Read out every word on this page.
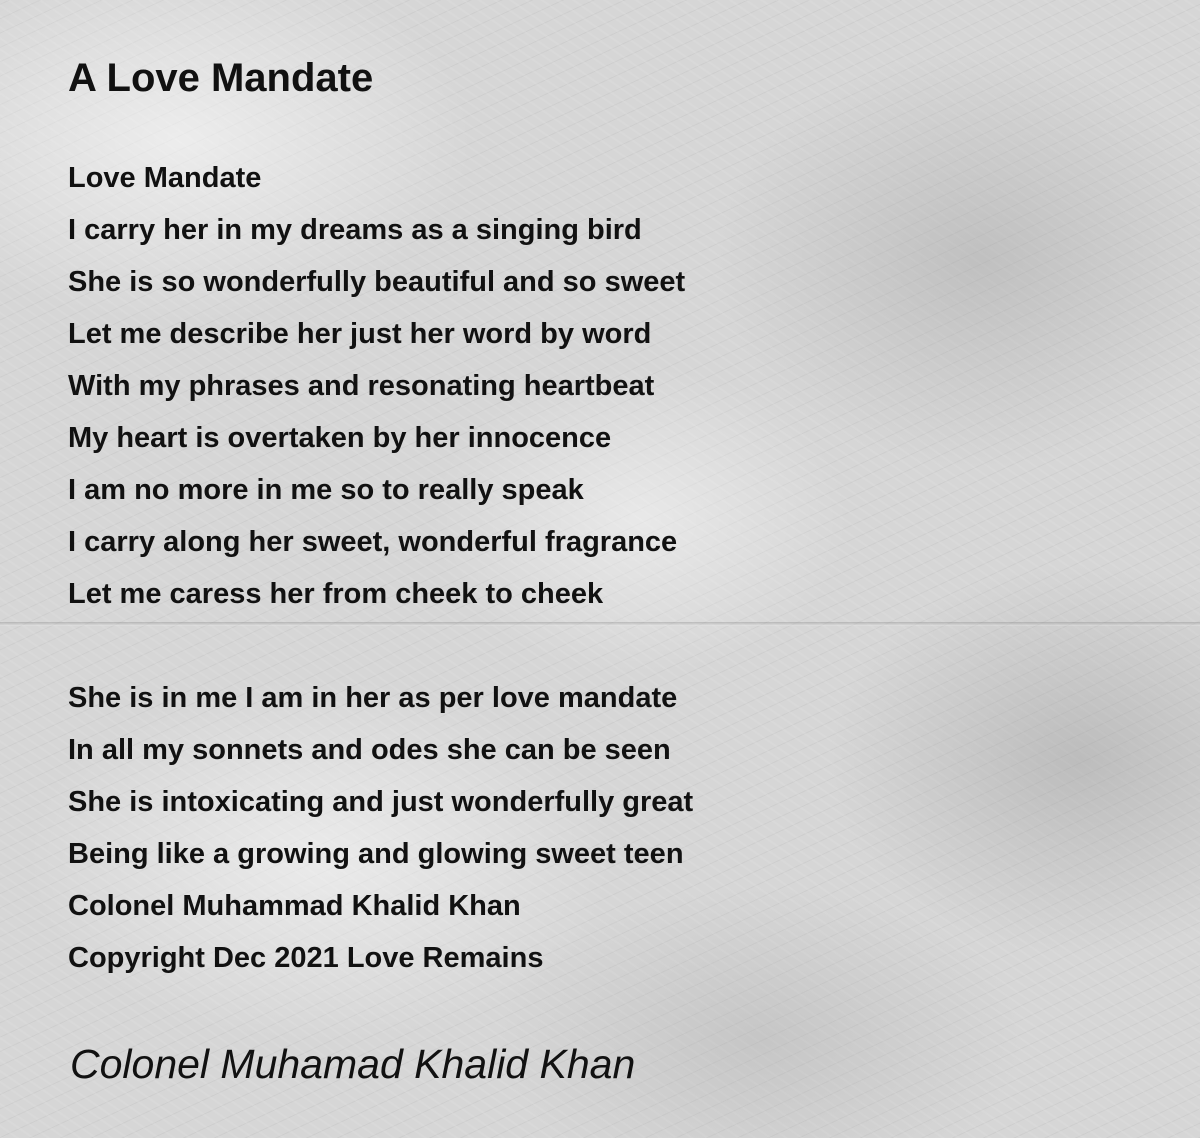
A Love Mandate
Love Mandate
I carry her in my dreams as a singing bird
She is so wonderfully beautiful and so sweet
Let me describe her just her word by word
With my phrases and resonating heartbeat
My heart is overtaken by her innocence
I am no more in me so to really speak
I carry along her sweet, wonderful fragrance
Let me caress her from cheek to cheek
She is in me I am in her as per love mandate
In all my sonnets and odes she can be seen
She is intoxicating and just wonderfully great
Being like a growing and glowing sweet teen
Colonel Muhammad Khalid Khan
Copyright Dec 2021 Love Remains
Colonel Muhamad Khalid Khan
